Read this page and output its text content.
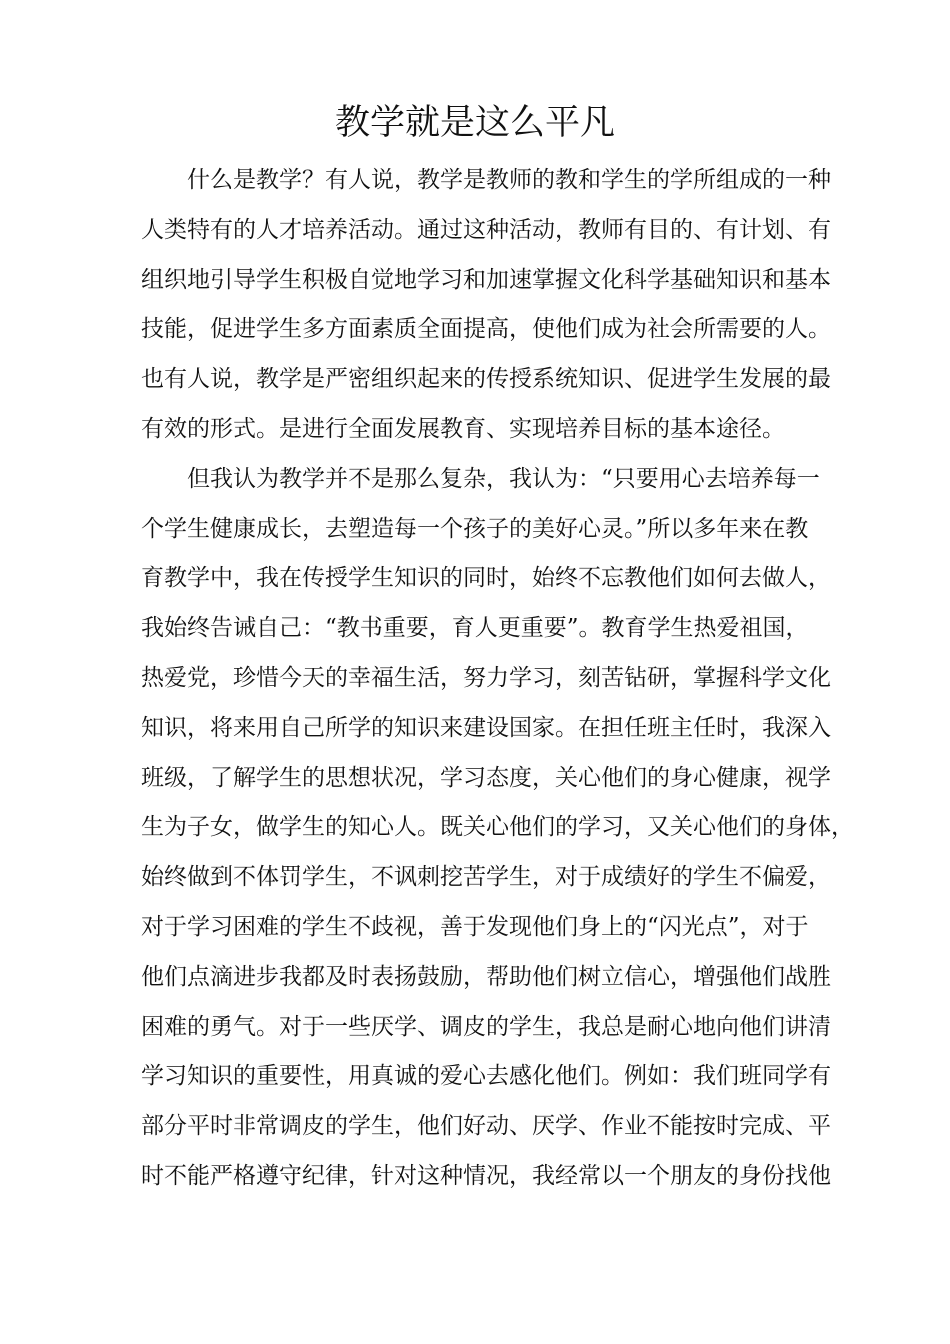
教学就是这么平凡
什么是教学？有人说，教学是教师的教和学生的学所组成的一种
人类特有的人才培养活动。通过这种活动，教师有目的、有计划、有
组织地引导学生积极自觉地学习和加速掌握文化科学基础知识和基本
技能，促进学生多方面素质全面提高，使他们成为社会所需要的人。
也有人说，教学是严密组织起来的传授系统知识、促进学生发展的最
有效的形式。是进行全面发展教育、实现培养目标的基本途径。
但我认为教学并不是那么复杂，我认为：“只要用心去培养每一
个学生健康成长，去塑造每一个孩子的美好心灵。”所以多年来在教
育教学中，我在传授学生知识的同时，始终不忘教他们如何去做人，
我始终告诫自己：“教书重要，育人更重要”。教育学生热爱祖国，
热爱党，珍惜今天的幸福生活，努力学习，刻苦钻研，掌握科学文化
知识，将来用自己所学的知识来建设国家。在担任班主任时，我深入
班级，了解学生的思想状况，学习态度，关心他们的身心健康，视学
生为子女，做学生的知心人。既关心他们的学习，又关心他们的身体，
始终做到不体罚学生，不讽刺挖苦学生，对于成绩好的学生不偏爱，
对于学习困难的学生不歧视，善于发现他们身上的“闪光点”，对于
他们点滴进步我都及时表扬鼓励，帮助他们树立信心，增强他们战胜
困难的勇气。对于一些厌学、调皮的学生，我总是耐心地向他们讲清
学习知识的重要性，用真诚的爱心去感化他们。例如：我们班同学有
部分平时非常调皮的学生，他们好动、厌学、作业不能按时完成、平
时不能严格遵守纪律，针对这种情况，我经常以一个朋友的身份找他
